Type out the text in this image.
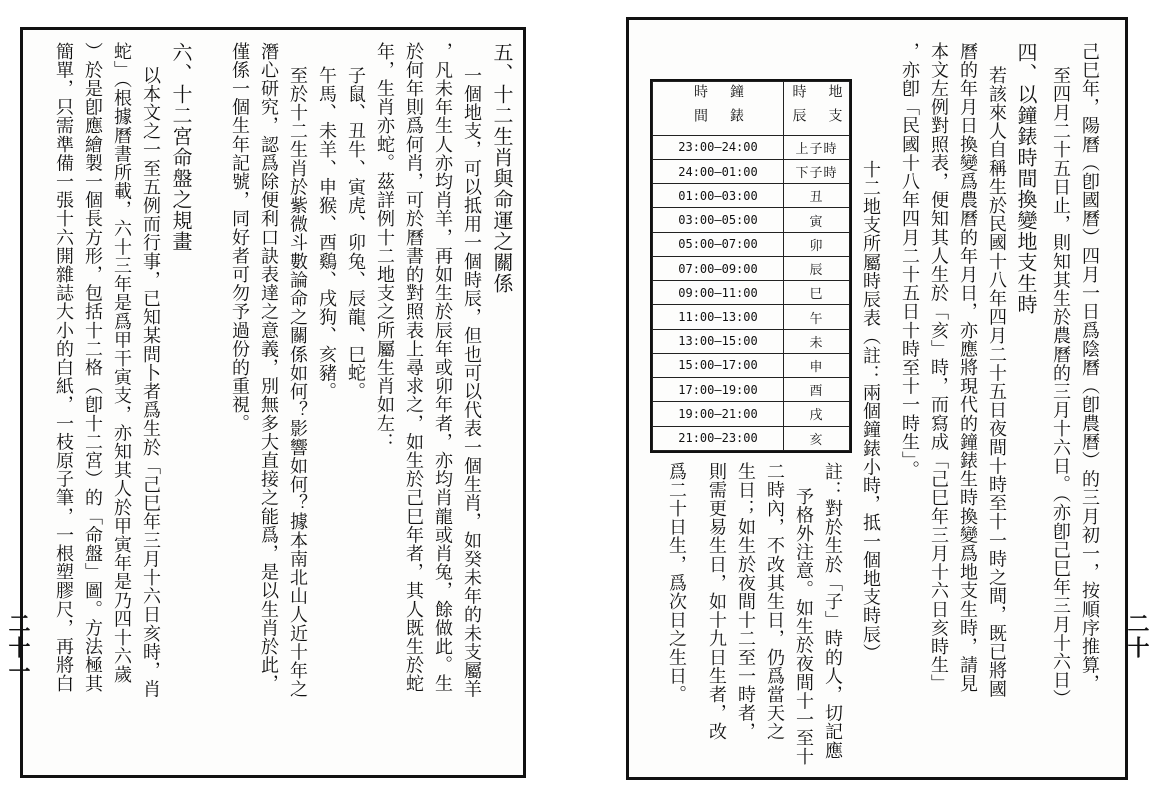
二十一

五、十二生肖與命運之關係

一個地支，可以抵用一個時辰，但也可以代表一個生肖，如癸未年的未支屬羊

，凡未年生人亦均肖羊，再如生於辰年或卯年者，亦均肖龍或肖兔，餘做此。生

於何年則爲何肖，可於曆書的對照表上尋求之，如生於己巳年者，其人既生於蛇

年，生肖亦蛇。茲詳例十二地支之所屬生肖如左：

子鼠、丑牛、寅虎、卯兔、辰龍、巳蛇。

午馬、未羊、申猴、酉鷄、戌狗、亥豬。

至於十二生肖於紫微斗數論命之關係如何？影響如何？據本南北山人近十年之

潛心研究，認爲除便利口訣表達之意義，別無多大直接之能爲，是以生肖於此，

僅係一個生年記號，同好者可勿予過份的重視。

六、十二宮命盤之規畫

以本文之一至五例而行事，已知某問卜者爲生於「己巳年三月十六日亥時，肖

蛇」（根據曆書所載，六十三年是爲甲干寅支，亦知其人於甲寅年是乃四十六歲

）於是卽應繪製一個長方形，包括十二格（卽十二宮）的「命盤」圖。方法極其

簡單，只需準備一張十六開雜誌大小的白紙，一枝原子筆，一根塑膠尺，再將白	二十

己巳年，陽曆（卽國曆）四月一日爲陰曆（卽農曆）的三月初一，按順序推算，

至四月二十五日止，則知其生於農曆的三月十六日。（亦卽己巳年三月十六日）

四、以鐘錶時間換變地支生時

若該來人自稱生於民國十八年四月二十五日夜間十時至十一時之間，既已將國

曆的年月日換變爲農曆的年月日，亦應將現代的鐘錶生時換變爲地支生時，請見

本文左例對照表，便知其人生於「亥」時，而寫成「己巳年三月十六日亥時生」

，亦卽「民國十八年四月二十五日十時至十一時生」。

十二地支所屬時辰表（註：兩個鐘錶小時，抵一個地支時辰）

註：對於生於「子」時的人，切記應

予格外注意。如生於夜間十一至十

二時內，不改其生日，仍爲當天之

生日；如生於夜間十二至一時者，

則需更易生日，如十九日生者，改

爲二十日生，爲次日之生日。

鐘錶
時間	地支
時辰

23:00—24:00	上子時
24:00—01:00	下子時
01:00—03:00	丑
03:00—05:00	寅
05:00—07:00	卯
07:00—09:00	辰
09:00—11:00	巳
11:00—13:00	午
13:00—15:00	未
15:00—17:00	申
17:00—19:00	酉
19:00—21:00	戌
21:00—23:00	亥
